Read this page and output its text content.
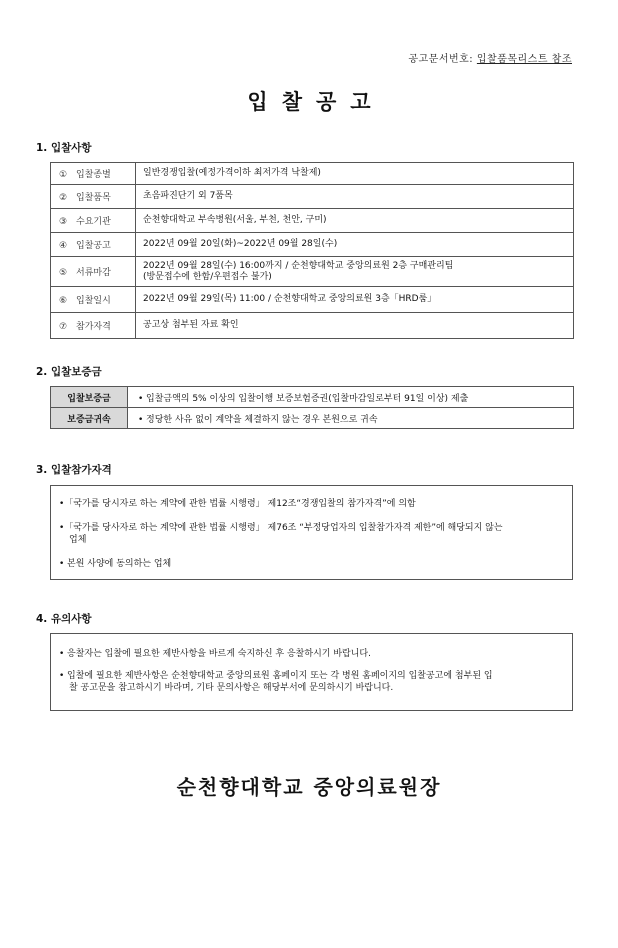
공고문서번호: 입찰품목리스트 참조
입찰공고
1. 입찰사항
① 입찰종별	일반경쟁입찰(예정가격이하 최저가격 낙찰제)
② 입찰품목	초음파진단기 외 7품목
③ 수요기관	순천향대학교 부속병원(서울, 부천, 천안, 구미)
④ 입찰공고	2022년 09월 20일(화)~2022년 09월 28일(수)
⑤ 서류마감	2022년 09월 28일(수) 16:00까지 / 순천향대학교 중앙의료원 2층 구매관리팀
(방문접수에 한함/우편접수 불가)
⑥ 입찰일시	2022년 09월 29일(목) 11:00 / 순천향대학교 중앙의료원 3층「HRD룸」
⑦ 참가자격	공고상 첨부된 자료 확인
2. 입찰보증금
입찰보증금	• 입찰금액의 5% 이상의 입찰이행 보증보험증권(입찰마감일로부터 91일 이상) 제출
보증금귀속	• 정당한 사유 없이 계약을 체결하지 않는 경우 본원으로 귀속
3. 입찰참가자격
•「국가를 당시자로 하는 계약에 관한 법률 시행령」 제12조“경쟁입찰의 참가자격”에 의함
•「국가를 당사자로 하는 계약에 관한 법률 시행령」 제76조 “부정당업자의 입찰참가자격 제한”에 해당되지 않는
업체
• 본원 사양에 동의하는 업체
4. 유의사항
• 응찰자는 입찰에 필요한 제반사항을 바르게 숙지하신 후 응찰하시기 바랍니다.
• 입찰에 필요한 제반사항은 순천향대학교 중앙의료원 홈페이지 또는 각 병원 홈페이지의 입찰공고에 첨부된 입
찰 공고문을 참고하시기 바라며, 기타 문의사항은 해당부서에 문의하시기 바랍니다.
순천향대학교 중앙의료원장
